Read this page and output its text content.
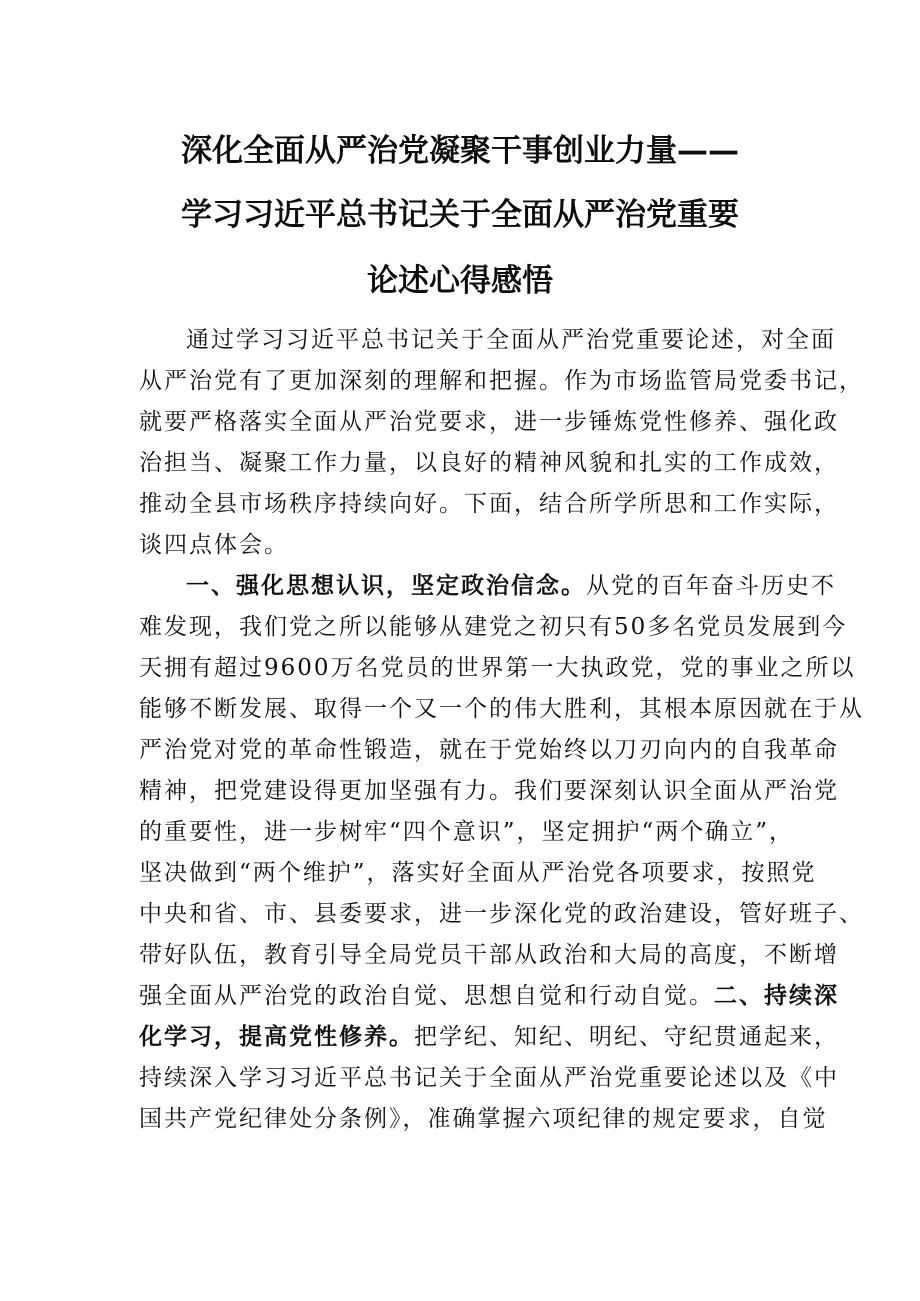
深化全面从严治党凝聚干事创业力量——
学习习近平总书记关于全面从严治党重要
论述心得感悟
通过学习习近平总书记关于全面从严治党重要论述，对全面
从严治党有了更加深刻的理解和把握。作为市场监管局党委书记，
就要严格落实全面从严治党要求，进一步锤炼党性修养、强化政
治担当、凝聚工作力量，以良好的精神风貌和扎实的工作成效，
推动全县市场秩序持续向好。下面，结合所学所思和工作实际，
谈四点体会。
一、强化思想认识，坚定政治信念。从党的百年奋斗历史不
难发现，我们党之所以能够从建党之初只有50多名党员发展到今
天拥有超过9600万名党员的世界第一大执政党，党的事业之所以
能够不断发展、取得一个又一个的伟大胜利，其根本原因就在于从
严治党对党的革命性锻造，就在于党始终以刀刃向内的自我革命
精神，把党建设得更加坚强有力。我们要深刻认识全面从严治党
的重要性，进一步树牢“四个意识”，坚定拥护“两个确立”，
坚决做到“两个维护”，落实好全面从严治党各项要求，按照党
中央和省、市、县委要求，进一步深化党的政治建设，管好班子、
带好队伍，教育引导全局党员干部从政治和大局的高度，不断增
强全面从严治党的政治自觉、思想自觉和行动自觉。二、持续深
化学习，提高党性修养。把学纪、知纪、明纪、守纪贯通起来，
持续深入学习习近平总书记关于全面从严治党重要论述以及《中
国共产党纪律处分条例》，准确掌握六项纪律的规定要求，自觉
